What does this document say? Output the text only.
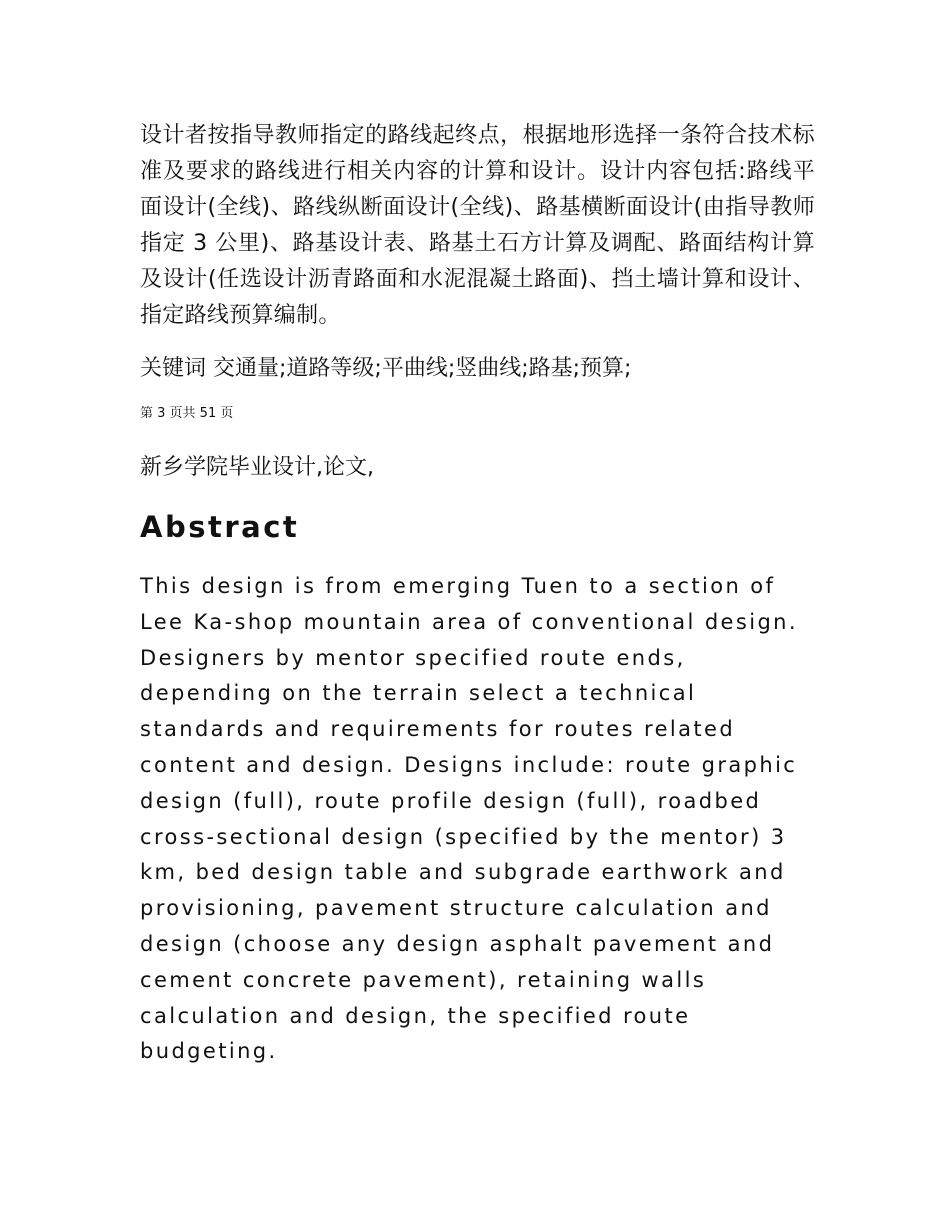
设计者按指导教师指定的路线起终点，根据地形选择一条符合技术标准及要求的路线进行相关内容的计算和设计。设计内容包括:路线平面设计(全线)、路线纵断面设计(全线)、路基横断面设计(由指导教师指定 3 公里)、路基设计表、路基土石方计算及调配、路面结构计算及设计(任选设计沥青路面和水泥混凝土路面)、挡土墙计算和设计、指定路线预算编制。

关键词 交通量;道路等级;平曲线;竖曲线;路基;预算;

第 3 页共 51 页

新乡学院毕业设计,论文,

Abstract

This design is from emerging Tuen to a section of
Lee Ka-shop mountain area of conventional design.
Designers by mentor specified route ends,
depending on the terrain select a technical
standards and requirements for routes related
content and design. Designs include: route graphic
design (full), route profile design (full), roadbed
cross-sectional design (specified by the mentor) 3
km, bed design table and subgrade earthwork and
provisioning, pavement structure calculation and
design (choose any design asphalt pavement and
cement concrete pavement), retaining walls
calculation and design, the specified route
budgeting.
